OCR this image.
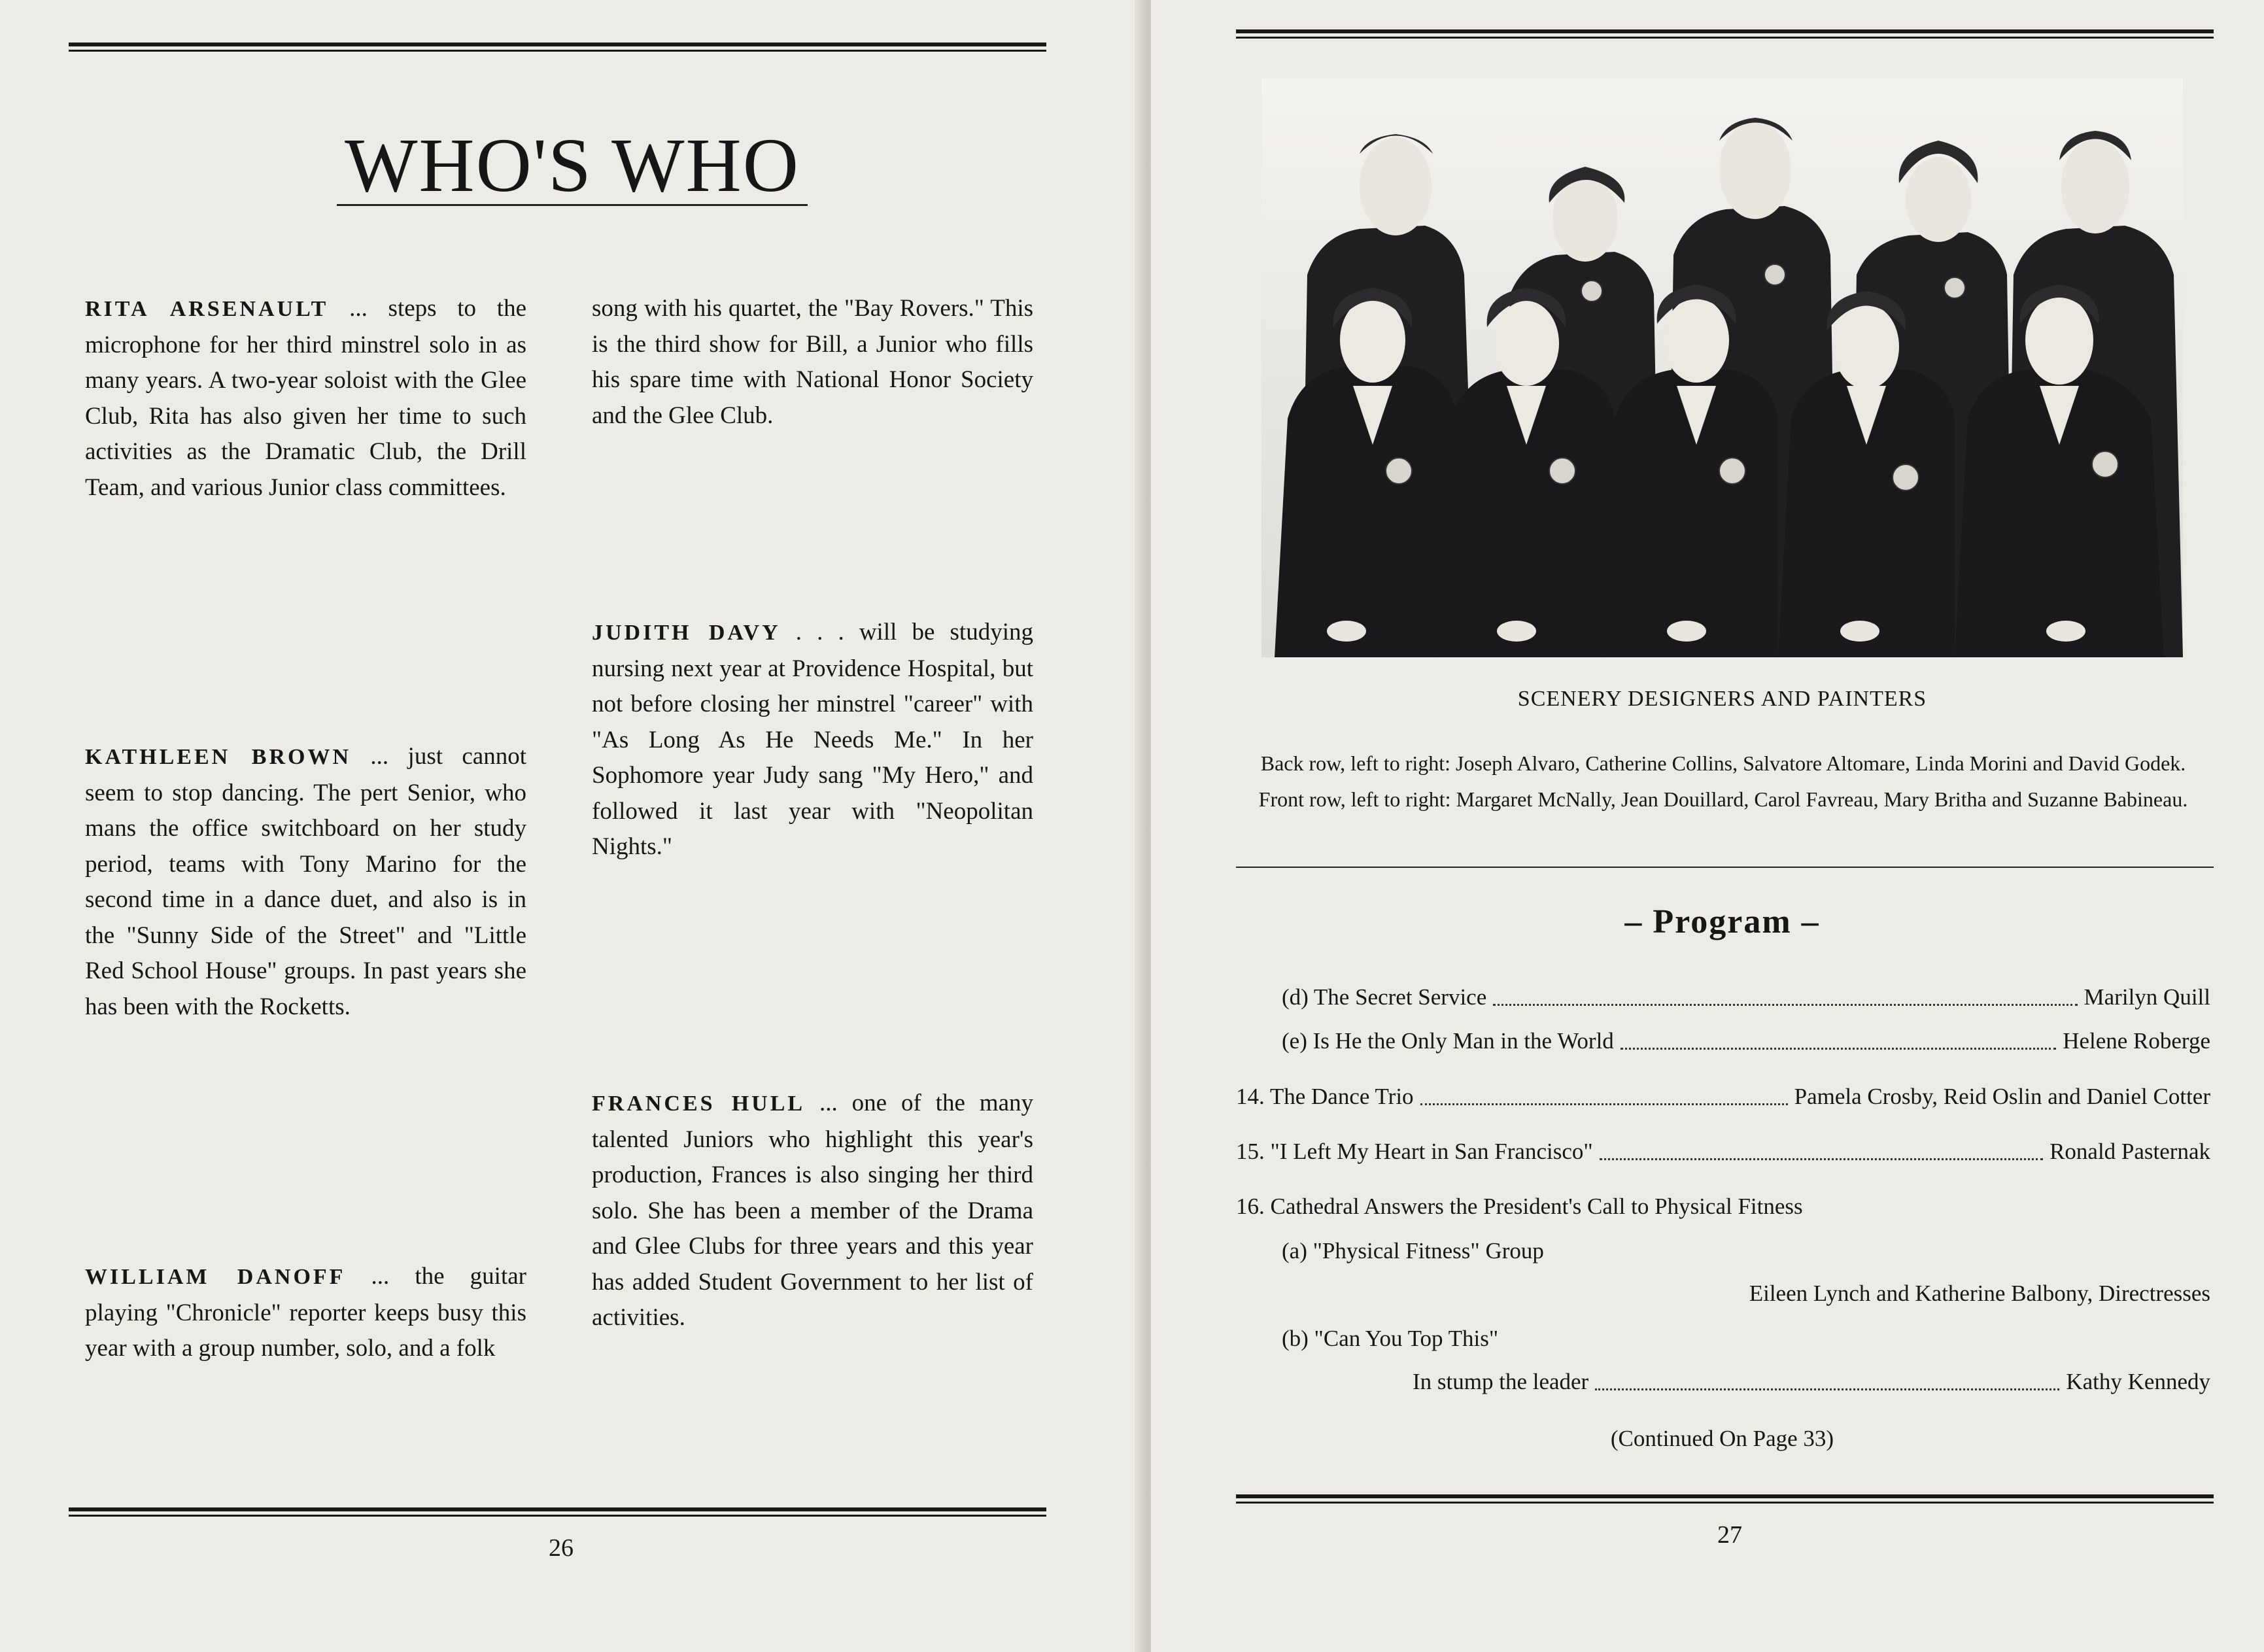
WHO'S WHO
RITA ARSENAULT ... steps to the microphone for her third minstrel solo in as many years. A two-year soloist with the Glee Club, Rita has also given her time to such activities as the Dramatic Club, the Drill Team, and various Junior class committees.
KATHLEEN BROWN ... just cannot seem to stop dancing. The pert Senior, who mans the office switchboard on her study period, teams with Tony Marino for the second time in a dance duet, and also is in the "Sunny Side of the Street" and "Little Red School House" groups. In past years she has been with the Rocketts.
WILLIAM DANOFF ... the guitar playing "Chronicle" reporter keeps busy this year with a group number, solo, and a folk
song with his quartet, the "Bay Rovers." This is the third show for Bill, a Junior who fills his spare time with National Honor Society and the Glee Club.
JUDITH DAVY . . . will be studying nursing next year at Providence Hospital, but not before closing her minstrel "career" with "As Long As He Needs Me." In her Sophomore year Judy sang "My Hero," and followed it last year with "Neopolitan Nights."
FRANCES HULL ... one of the many talented Juniors who highlight this year's production, Frances is also singing her third solo. She has been a member of the Drama and Glee Clubs for three years and this year has added Student Government to her list of activities.
26
SCENERY DESIGNERS AND PAINTERS
Back row, left to right: Joseph Alvaro, Catherine Collins, Salvatore Altomare, Linda Morini and David Godek. Front row, left to right: Margaret McNally, Jean Douillard, Carol Favreau, Mary Britha and Suzanne Babineau.
– Program –
(d) The Secret Service	Marilyn Quill
(e) Is He the Only Man in the World	Helene Roberge
14. The Dance Trio	Pamela Crosby, Reid Oslin and Daniel Cotter
15. "I Left My Heart in San Francisco"	Ronald Pasternak
16. Cathedral Answers the President's Call to Physical Fitness
(a) "Physical Fitness" Group
Eileen Lynch and Katherine Balbony, Directresses
(b) "Can You Top This"
In stump the leader	Kathy Kennedy
(Continued On Page 33)
27
